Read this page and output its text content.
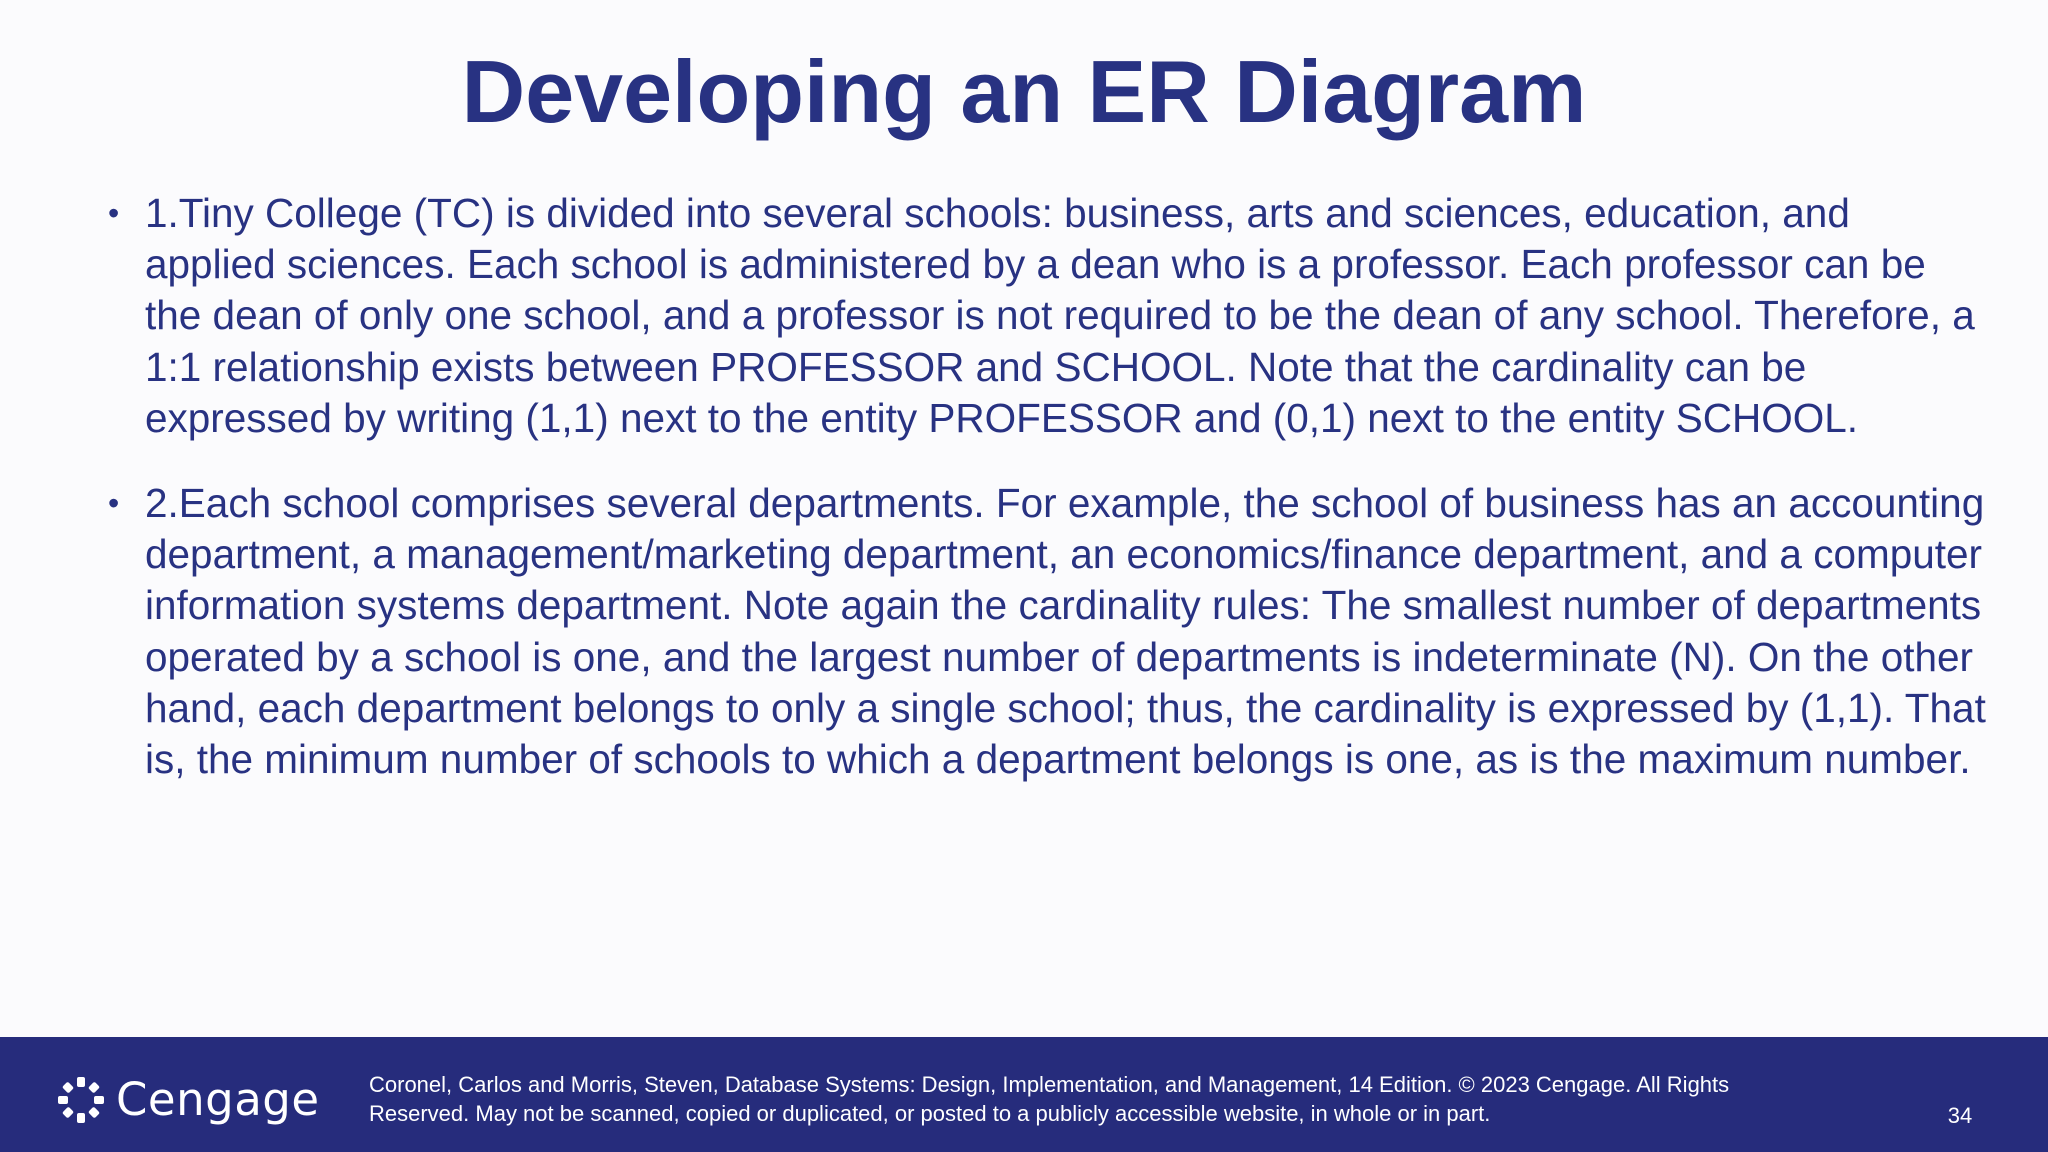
Developing an ER Diagram
• 1.Tiny College (TC) is divided into several schools: business, arts and sciences, education, and applied sciences. Each school is administered by a dean who is a professor. Each professor can be the dean of only one school, and a professor is not required to be the dean of any school. Therefore, a 1:1 relationship exists between PROFESSOR and SCHOOL. Note that the cardinality can be expressed by writing (1,1) next to the entity PROFESSOR and (0,1) next to the entity SCHOOL.
• 2.Each school comprises several departments. For example, the school of business has an accounting department, a management/marketing department, an economics/finance department, and a computer information systems department. Note again the cardinality rules: The smallest number of departments operated by a school is one, and the largest number of departments is indeterminate (N). On the other hand, each department belongs to only a single school; thus, the cardinality is expressed by (1,1). That is, the minimum number of schools to which a department belongs is one, as is the maximum number.
Cengage Coronel, Carlos and Morris, Steven, Database Systems: Design, Implementation, and Management, 14 Edition. © 2023 Cengage. All Rights
Reserved. May not be scanned, copied or duplicated, or posted to a publicly accessible website, in whole or in part.	34
